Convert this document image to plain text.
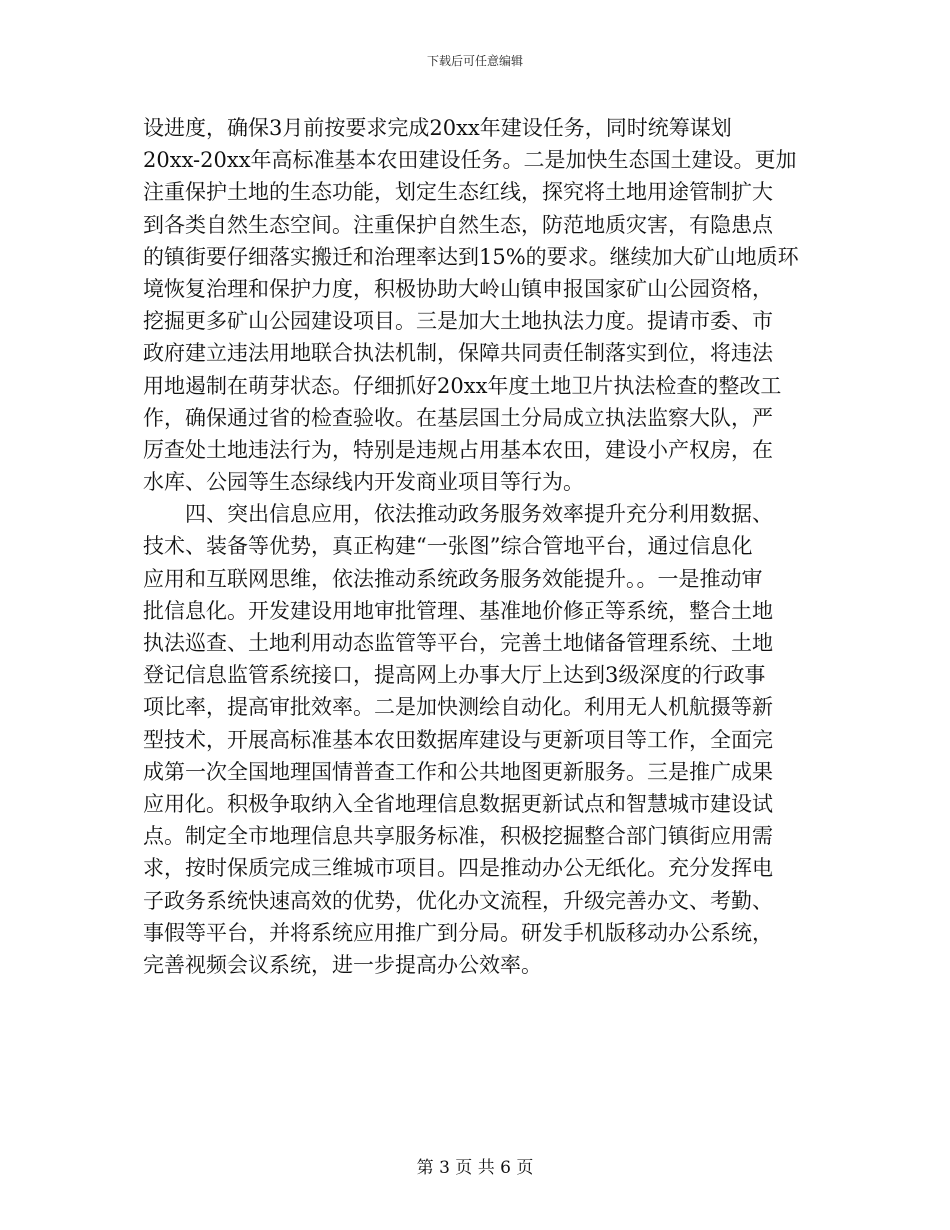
下载后可任意编辑
设进度，确保3月前按要求完成20xx年建设任务，同时统筹谋划
20xx-20xx年高标准基本农田建设任务。二是加快生态国土建设。更加
注重保护土地的生态功能，划定生态红线，探究将土地用途管制扩大
到各类自然生态空间。注重保护自然生态，防范地质灾害，有隐患点
的镇街要仔细落实搬迁和治理率达到15%的要求。继续加大矿山地质环
境恢复治理和保护力度，积极协助大岭山镇申报国家矿山公园资格，
挖掘更多矿山公园建设项目。三是加大土地执法力度。提请市委、市
政府建立违法用地联合执法机制，保障共同责任制落实到位，将违法
用地遏制在萌芽状态。仔细抓好20xx年度土地卫片执法检查的整改工
作，确保通过省的检查验收。在基层国土分局成立执法监察大队，严
厉查处土地违法行为，特别是违规占用基本农田，建设小产权房，在
水库、公园等生态绿线内开发商业项目等行为。
　　四、突出信息应用，依法推动政务服务效率提升充分利用数据、
技术、装备等优势，真正构建“一张图”综合管地平台，通过信息化
应用和互联网思维，依法推动系统政务服务效能提升。。一是推动审
批信息化。开发建设用地审批管理、基准地价修正等系统，整合土地
执法巡查、土地利用动态监管等平台，完善土地储备管理系统、土地
登记信息监管系统接口，提高网上办事大厅上达到3级深度的行政事
项比率，提高审批效率。二是加快测绘自动化。利用无人机航摄等新
型技术，开展高标准基本农田数据库建设与更新项目等工作，全面完
成第一次全国地理国情普查工作和公共地图更新服务。三是推广成果
应用化。积极争取纳入全省地理信息数据更新试点和智慧城市建设试
点。制定全市地理信息共享服务标准，积极挖掘整合部门镇街应用需
求，按时保质完成三维城市项目。四是推动办公无纸化。充分发挥电
子政务系统快速高效的优势，优化办文流程，升级完善办文、考勤、
事假等平台，并将系统应用推广到分局。研发手机版移动办公系统，
完善视频会议系统，进一步提高办公效率。
第 3 页 共 6 页
